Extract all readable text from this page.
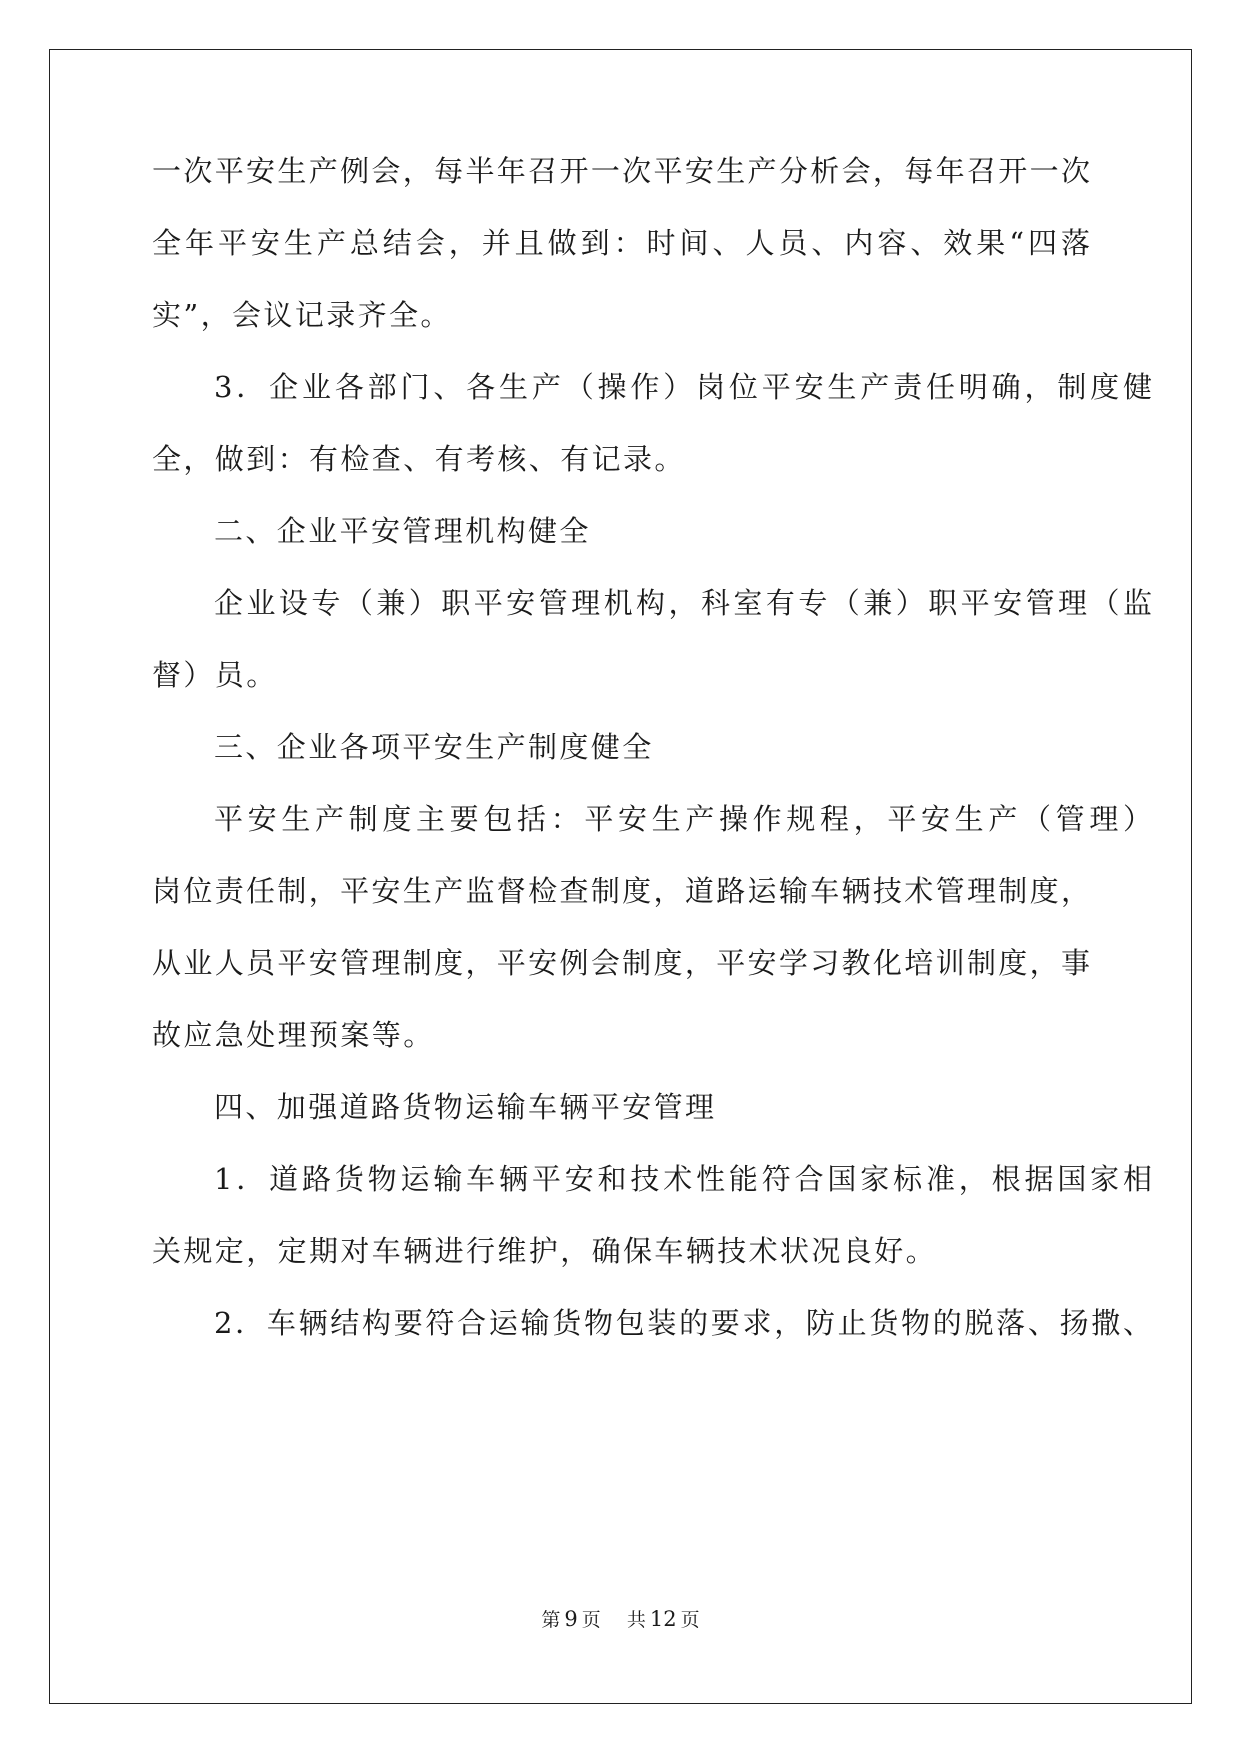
一次平安生产例会，每半年召开一次平安生产分析会，每年召开一次
全年平安生产总结会，并且做到：时间、人员、内容、效果“四落
实”，会议记录齐全。
3．企业各部门、各生产（操作）岗位平安生产责任明确，制度健
全，做到：有检查、有考核、有记录。
二、企业平安管理机构健全
企业设专（兼）职平安管理机构，科室有专（兼）职平安管理（监
督）员。
三、企业各项平安生产制度健全
平安生产制度主要包括：平安生产操作规程，平安生产（管理）
岗位责任制，平安生产监督检查制度，道路运输车辆技术管理制度，
从业人员平安管理制度，平安例会制度，平安学习教化培训制度，事
故应急处理预案等。
四、加强道路货物运输车辆平安管理
1．道路货物运输车辆平安和技术性能符合国家标准，根据国家相
关规定，定期对车辆进行维护，确保车辆技术状况良好。
2．车辆结构要符合运输货物包装的要求，防止货物的脱落、扬撒、
第 9 页 共 12 页
